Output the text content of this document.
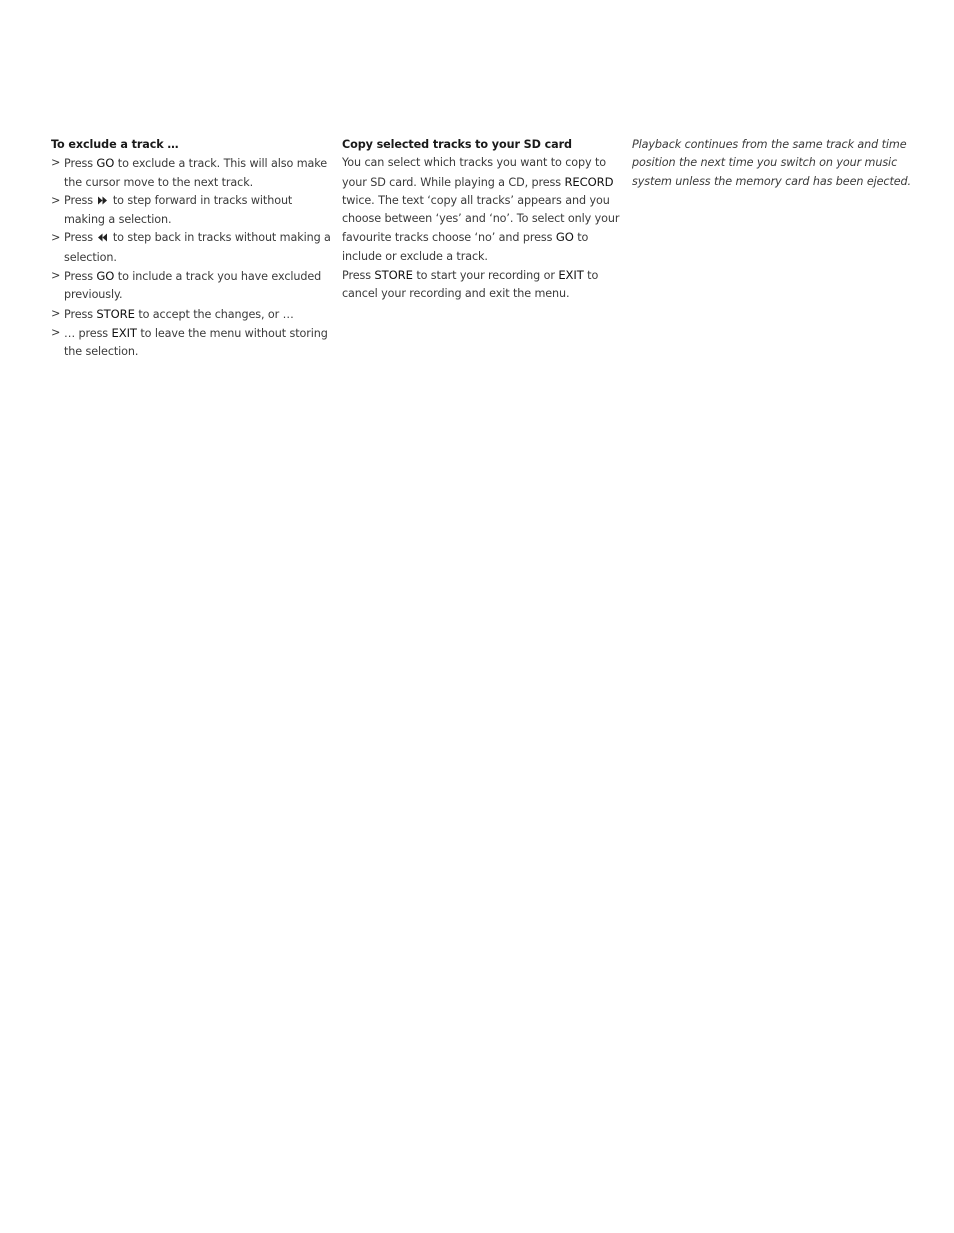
To exclude a track …

> Press GO to exclude a track. This will also make the cursor move to the next track.
> Press  to step forward in tracks without making a selection.
> Press  to step back in tracks without making a selection.
> Press GO to include a track you have excluded previously.
> Press STORE to accept the changes, or …
> … press EXIT to leave the menu without storing the selection.

Copy selected tracks to your SD card

You can select which tracks you want to copy to your SD card. While playing a CD, press RECORD twice. The text ‘copy all tracks’ appears and you choose between ‘yes’ and ‘no’. To select only your favourite tracks choose ‘no’ and press GO to include or exclude a track.

Press STORE to start your recording or EXIT to cancel your recording and exit the menu.

Playback continues from the same track and time position the next time you switch on your music system unless the memory card has been ejected.
